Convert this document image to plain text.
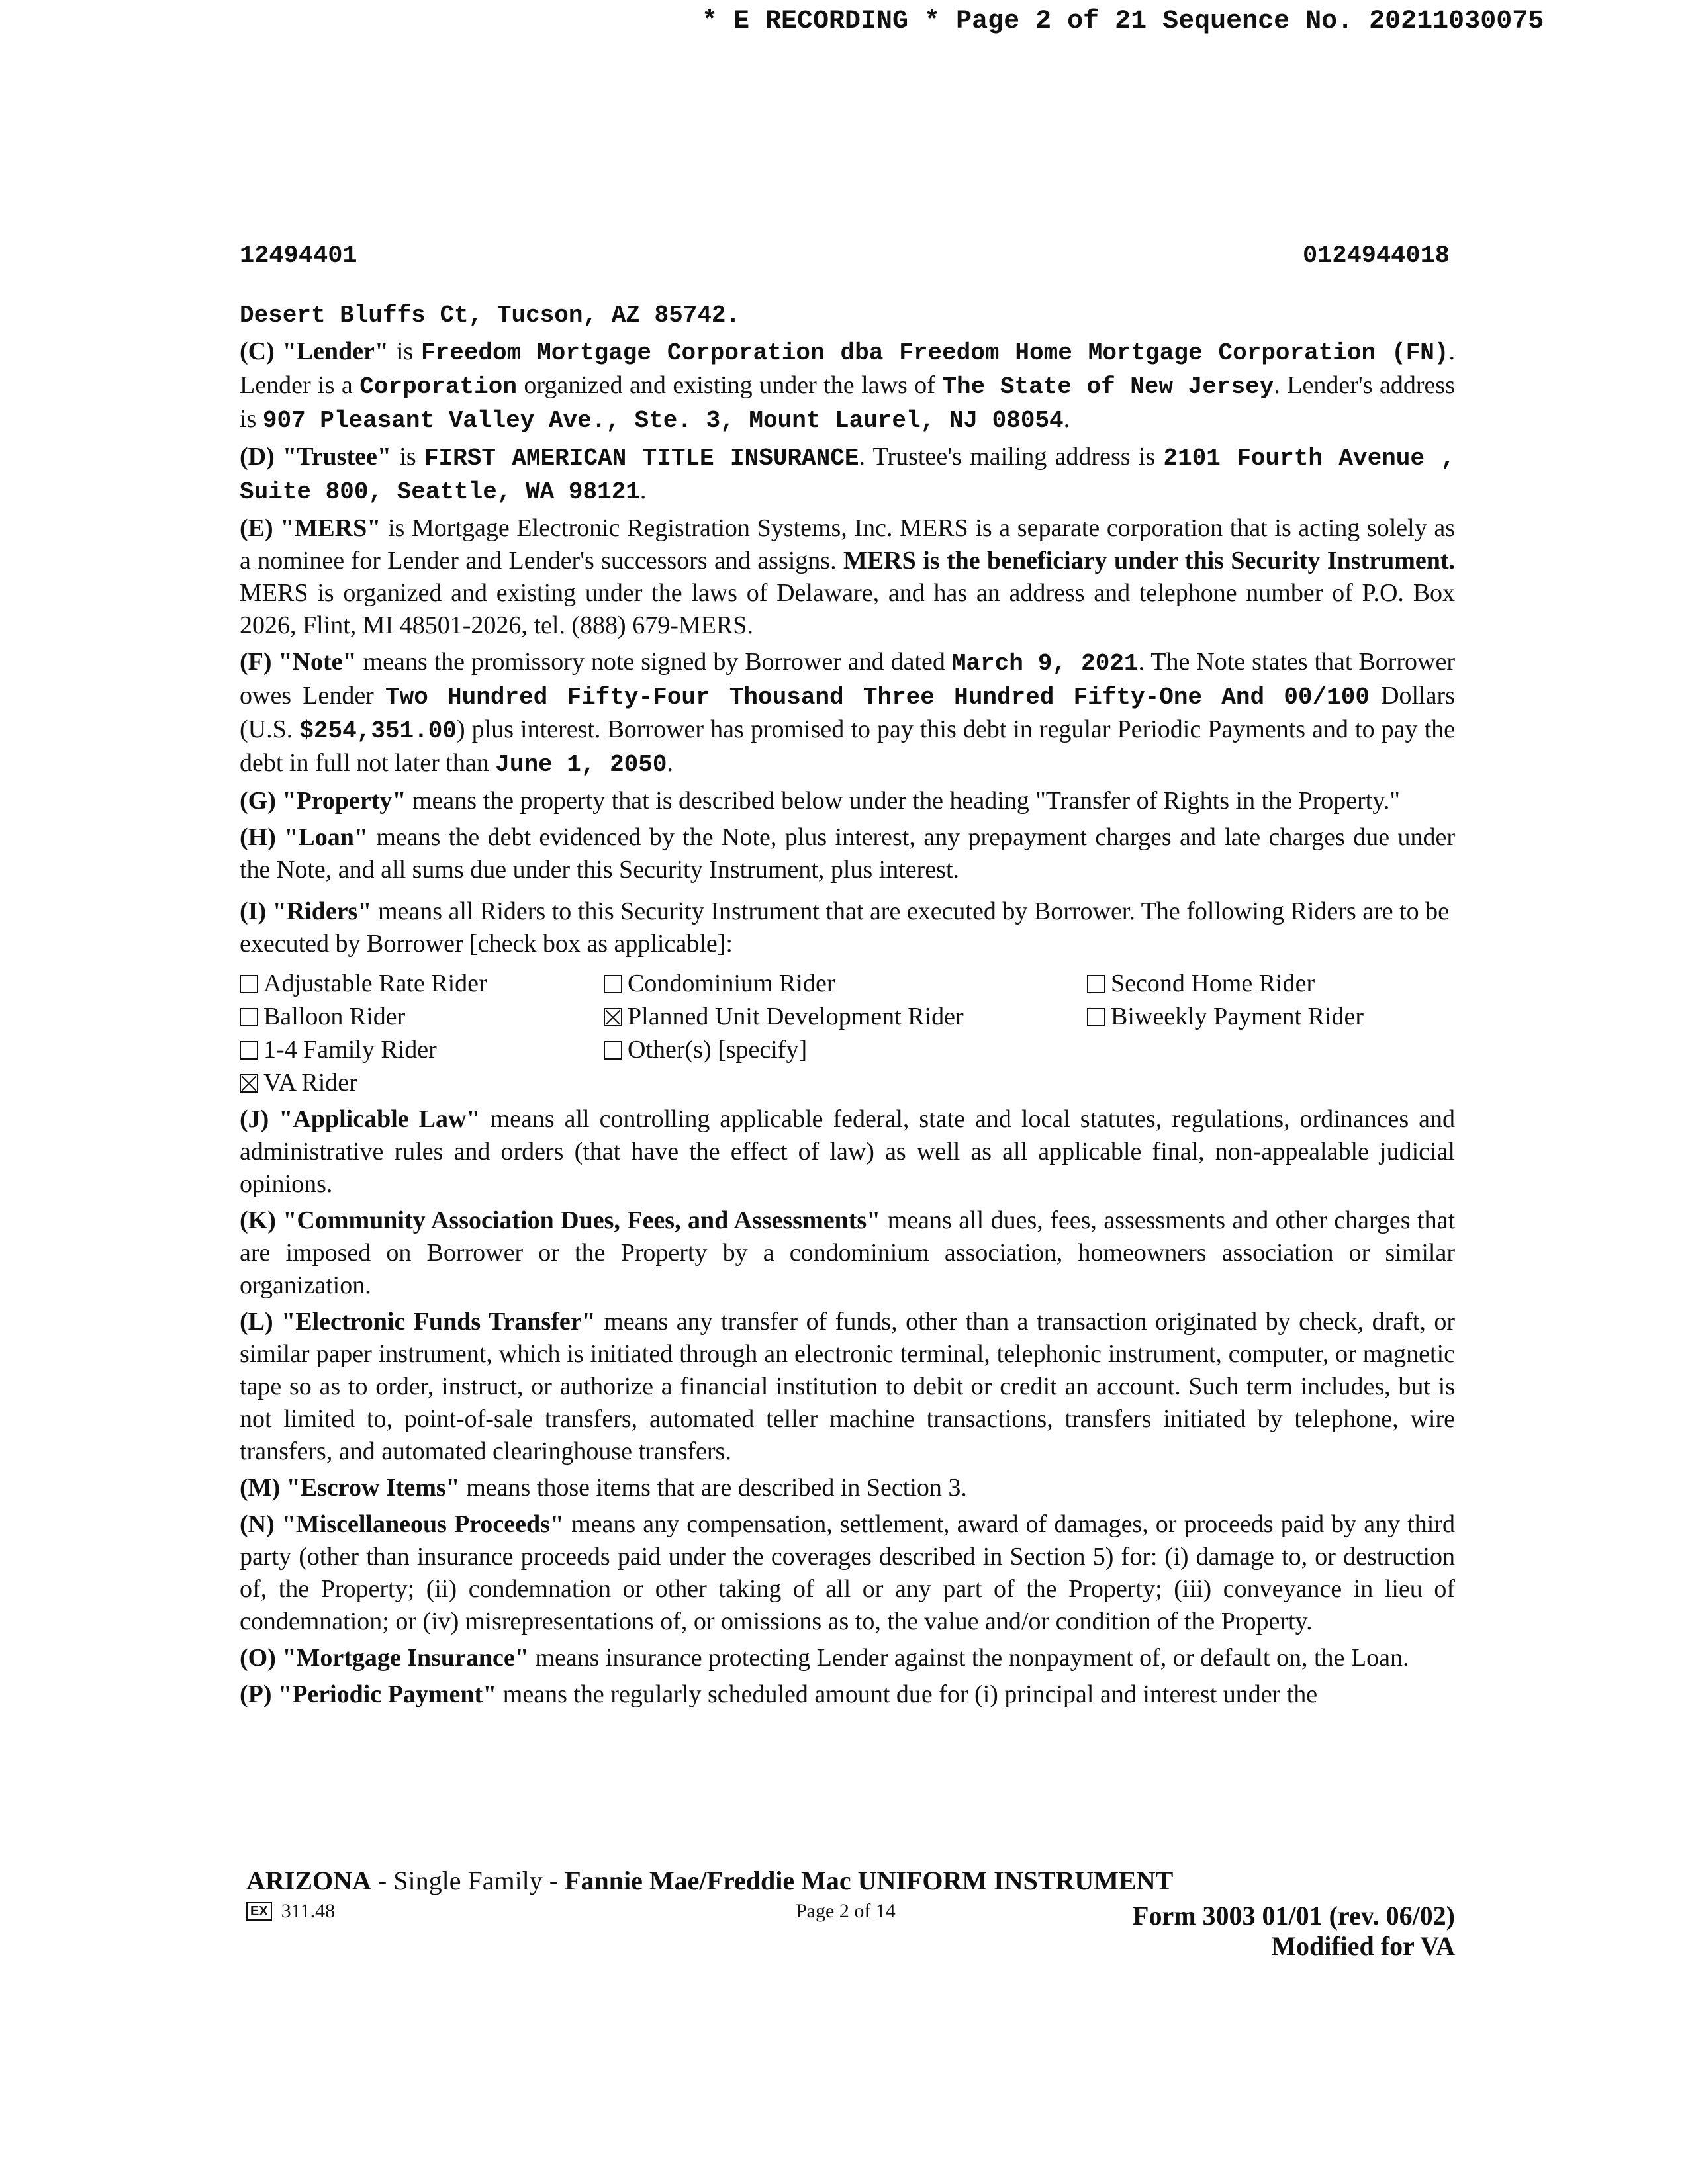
* E RECORDING * Page 2 of 21 Sequence No. 20211030075
12494401	0124944018

Desert Bluffs Ct, Tucson, AZ 85742.

(C) "Lender" is Freedom Mortgage Corporation dba Freedom Home Mortgage Corporation (FN). Lender is a Corporation organized and existing under the laws of The State of New Jersey. Lender's address is 907 Pleasant Valley Ave., Ste. 3, Mount Laurel, NJ 08054.

(D) "Trustee" is FIRST AMERICAN TITLE INSURANCE. Trustee's mailing address is 2101 Fourth Avenue , Suite 800, Seattle, WA 98121.

(E) "MERS" is Mortgage Electronic Registration Systems, Inc. MERS is a separate corporation that is acting solely as a nominee for Lender and Lender's successors and assigns. MERS is the beneficiary under this Security Instrument. MERS is organized and existing under the laws of Delaware, and has an address and telephone number of P.O. Box 2026, Flint, MI 48501-2026, tel. (888) 679-MERS.

(F) "Note" means the promissory note signed by Borrower and dated March 9, 2021. The Note states that Borrower owes Lender Two Hundred Fifty-Four Thousand Three Hundred Fifty-One And 00/100 Dollars (U.S. $254,351.00) plus interest. Borrower has promised to pay this debt in regular Periodic Payments and to pay the debt in full not later than June 1, 2050.

(G) "Property" means the property that is described below under the heading "Transfer of Rights in the Property."

(H) "Loan" means the debt evidenced by the Note, plus interest, any prepayment charges and late charges due under the Note, and all sums due under this Security Instrument, plus interest.

(I) "Riders" means all Riders to this Security Instrument that are executed by Borrower. The following Riders are to be executed by Borrower [check box as applicable]:

Adjustable Rate Rider	Condominium Rider	Second Home Rider
Balloon Rider	Planned Unit Development Rider	Biweekly Payment Rider
1-4 Family Rider	Other(s) [specify]
VA Rider

(J) "Applicable Law" means all controlling applicable federal, state and local statutes, regulations, ordinances and administrative rules and orders (that have the effect of law) as well as all applicable final, non-appealable judicial opinions.

(K) "Community Association Dues, Fees, and Assessments" means all dues, fees, assessments and other charges that are imposed on Borrower or the Property by a condominium association, homeowners association or similar organization.

(L) "Electronic Funds Transfer" means any transfer of funds, other than a transaction originated by check, draft, or similar paper instrument, which is initiated through an electronic terminal, telephonic instrument, computer, or magnetic tape so as to order, instruct, or authorize a financial institution to debit or credit an account. Such term includes, but is not limited to, point-of-sale transfers, automated teller machine transactions, transfers initiated by telephone, wire transfers, and automated clearinghouse transfers.

(M) "Escrow Items" means those items that are described in Section 3.

(N) "Miscellaneous Proceeds" means any compensation, settlement, award of damages, or proceeds paid by any third party (other than insurance proceeds paid under the coverages described in Section 5) for: (i) damage to, or destruction of, the Property; (ii) condemnation or other taking of all or any part of the Property; (iii) conveyance in lieu of condemnation; or (iv) misrepresentations of, or omissions as to, the value and/or condition of the Property.

(O) "Mortgage Insurance" means insurance protecting Lender against the nonpayment of, or default on, the Loan.

(P) "Periodic Payment" means the regularly scheduled amount due for (i) principal and interest under the

ARIZONA - Single Family - Fannie Mae/Freddie Mac UNIFORM INSTRUMENT
EX 311.48	Page 2 of 14	Form 3003 01/01 (rev. 06/02)
Modified for VA
